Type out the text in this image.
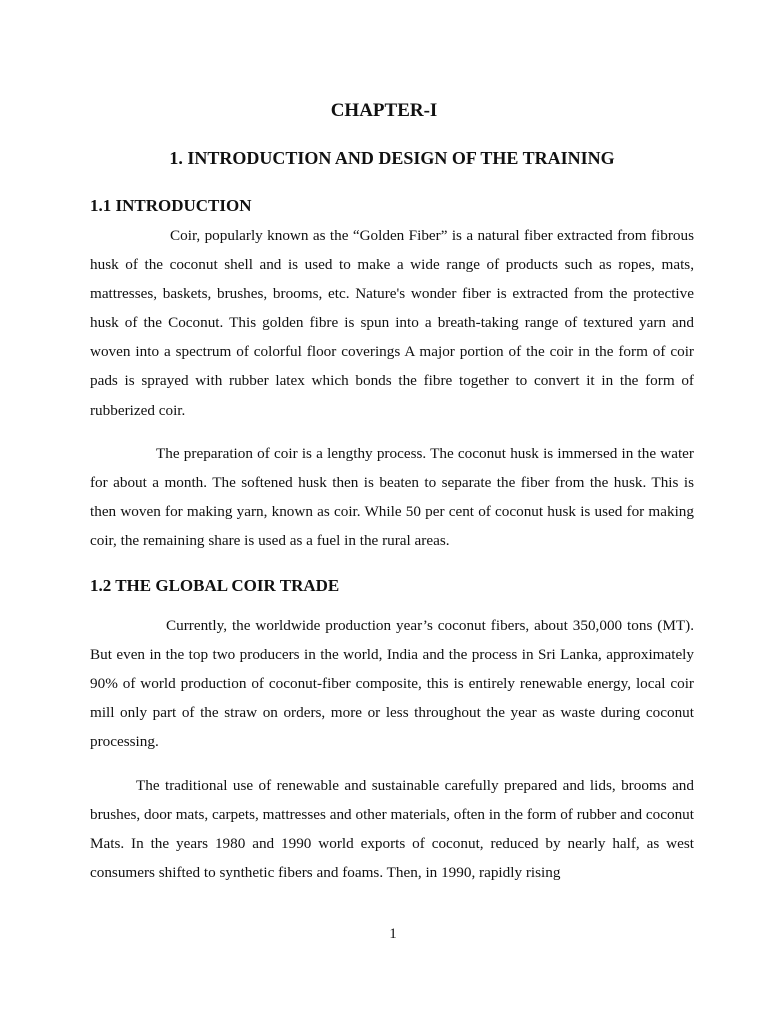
CHAPTER-I
1. INTRODUCTION AND DESIGN OF THE TRAINING
1.1 INTRODUCTION

Coir, popularly known as the “Golden Fiber” is a natural fiber extracted from fibrous husk of the coconut shell and is used to make a wide range of products such as ropes, mats, mattresses, baskets, brushes, brooms, etc. Nature's wonder fiber is extracted from the protective husk of the Coconut. This golden fibre is spun into a breath-taking range of textured yarn and woven into a spectrum of colorful floor coverings A major portion of the coir in the form of coir pads is sprayed with rubber latex which bonds the fibre together to convert it in the form of rubberized coir.

The preparation of coir is a lengthy process. The coconut husk is immersed in the water for about a month. The softened husk then is beaten to separate the fiber from the husk. This is then woven for making yarn, known as coir. While 50 per cent of coconut husk is used for making coir, the remaining share is used as a fuel in the rural areas.

1.2 THE GLOBAL COIR TRADE

Currently, the worldwide production year’s coconut fibers, about 350,000 tons (MT). But even in the top two producers in the world, India and the process in Sri Lanka, approximately 90% of world production of coconut-fiber composite, this is entirely renewable energy, local coir mill only part of the straw on orders, more or less throughout the year as waste during coconut processing.

The traditional use of renewable and sustainable carefully prepared and lids, brooms and brushes, door mats, carpets, mattresses and other materials, often in the form of rubber and coconut Mats. In the years 1980 and 1990 world exports of coconut, reduced by nearly half, as west consumers shifted to synthetic fibers and foams. Then, in 1990, rapidly rising

1
